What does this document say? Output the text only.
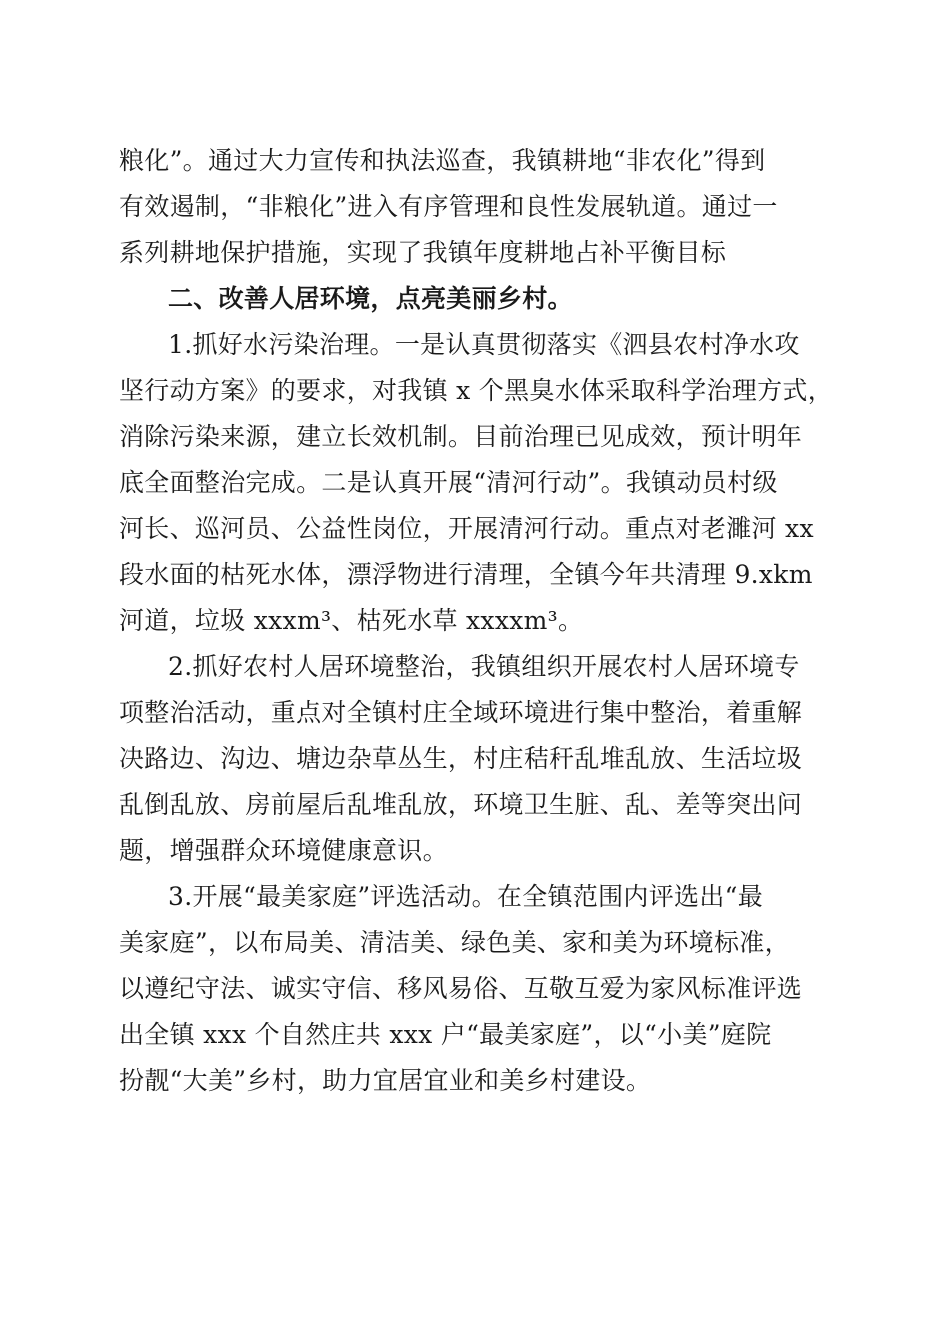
粮化”。通过大力宣传和执法巡查，我镇耕地“非农化”得到
有效遏制，“非粮化”进入有序管理和良性发展轨道。通过一
系列耕地保护措施，实现了我镇年度耕地占补平衡目标
二、改善人居环境，点亮美丽乡村。
1.抓好水污染治理。一是认真贯彻落实《泗县农村净水攻
坚行动方案》的要求，对我镇 x 个黑臭水体采取科学治理方式，
消除污染来源，建立长效机制。目前治理已见成效，预计明年
底全面整治完成。二是认真开展“清河行动”。我镇动员村级
河长、巡河员、公益性岗位，开展清河行动。重点对老濉河 xx
段水面的枯死水体，漂浮物进行清理，全镇今年共清理 9.xkm
河道，垃圾 xxxm³、枯死水草 xxxxm³。
2.抓好农村人居环境整治，我镇组织开展农村人居环境专
项整治活动，重点对全镇村庄全域环境进行集中整治，着重解
决路边、沟边、塘边杂草丛生，村庄秸秆乱堆乱放、生活垃圾
乱倒乱放、房前屋后乱堆乱放，环境卫生脏、乱、差等突出问
题，增强群众环境健康意识。
3.开展“最美家庭”评选活动。在全镇范围内评选出“最
美家庭”，以布局美、清洁美、绿色美、家和美为环境标准，
以遵纪守法、诚实守信、移风易俗、互敬互爱为家风标准评选
出全镇 xxx 个自然庄共 xxx 户“最美家庭”，以“小美”庭院
扮靓“大美”乡村，助力宜居宜业和美乡村建设。
